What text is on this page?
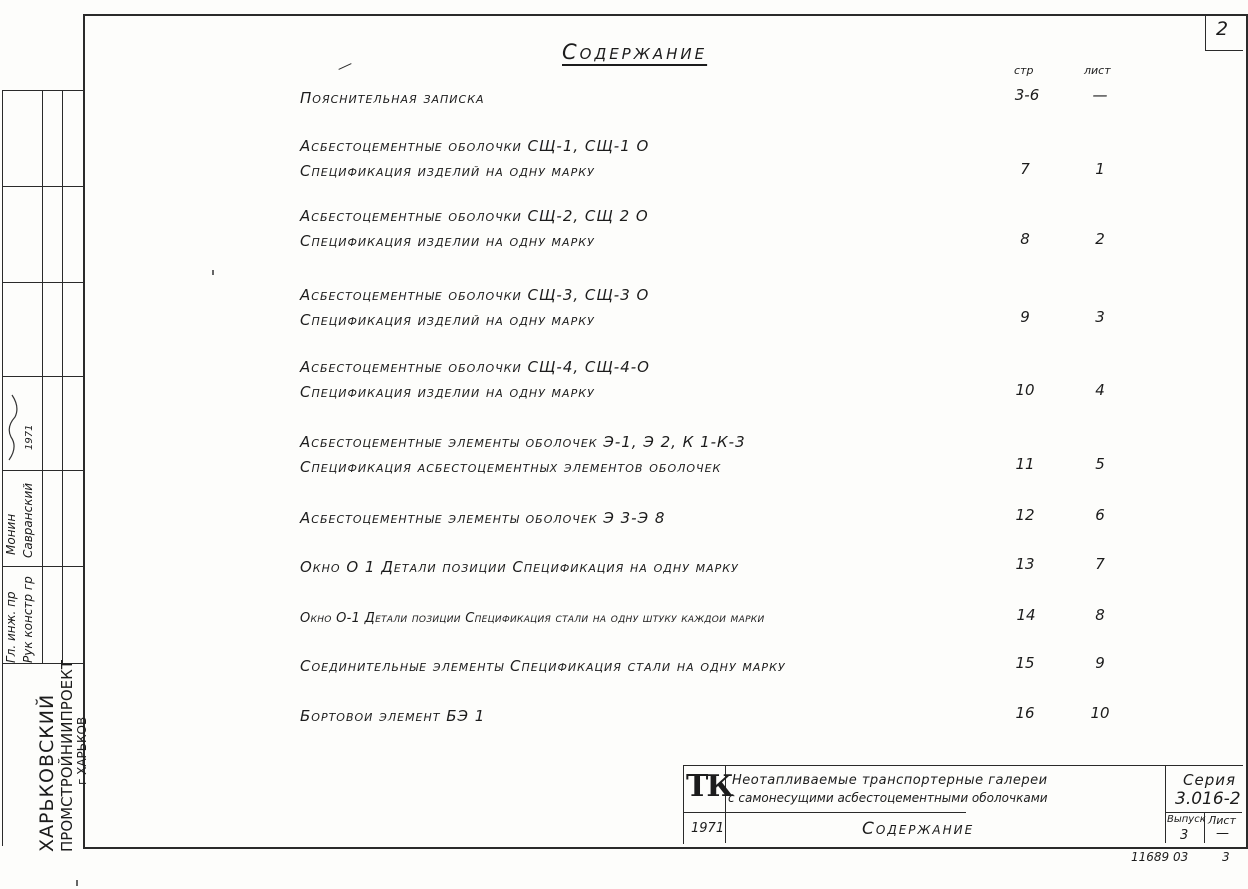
2
Содержание
стр	лист
Пояснительная записка	3-6	—
Асбестоцементные оболочки СЩ-1, СЩ-1 О
Спецификация изделий на одну марку	7	1
Асбестоцементные оболочки СЩ-2, СЩ 2 О
Спецификация изделии на одну марку	8	2
Асбестоцементные оболочки СЩ-3, СЩ-3 О
Спецификация изделий на одну марку	9	3
Асбестоцементные оболочки СЩ-4, СЩ-4-О
Спецификация изделии на одну марку	10	4
Асбестоцементные элементы оболочек Э-1, Э 2, К 1-К-3
Спецификация асбестоцементных элементов оболочек	11	5
Асбестоцементные элементы оболочек Э 3-Э 8	12	6
Окно О 1 Детали позиции Спецификация на одну марку	13	7
Окно О-1 Детали позиции Спецификация стали на одну штуку каждои марки	14	8
Соединительные элементы Спецификация стали на одну марку	15	9
Бортовои элемент БЭ 1	16	10
ТК Неотапливаемые транспортерные галереи
с самонесущими асбестоцементными оболочками
1971	Содержание
Серия
3.016-2
Выпуск
3
Лист
—
11689 03	3
Гл. инж. пр Рук констр гр
Монин Савранский
1971
ХАРЬКОВСКИЙ ПРОМСТРОЙНИИПРОЕКТ г ХАРЬКОВ
